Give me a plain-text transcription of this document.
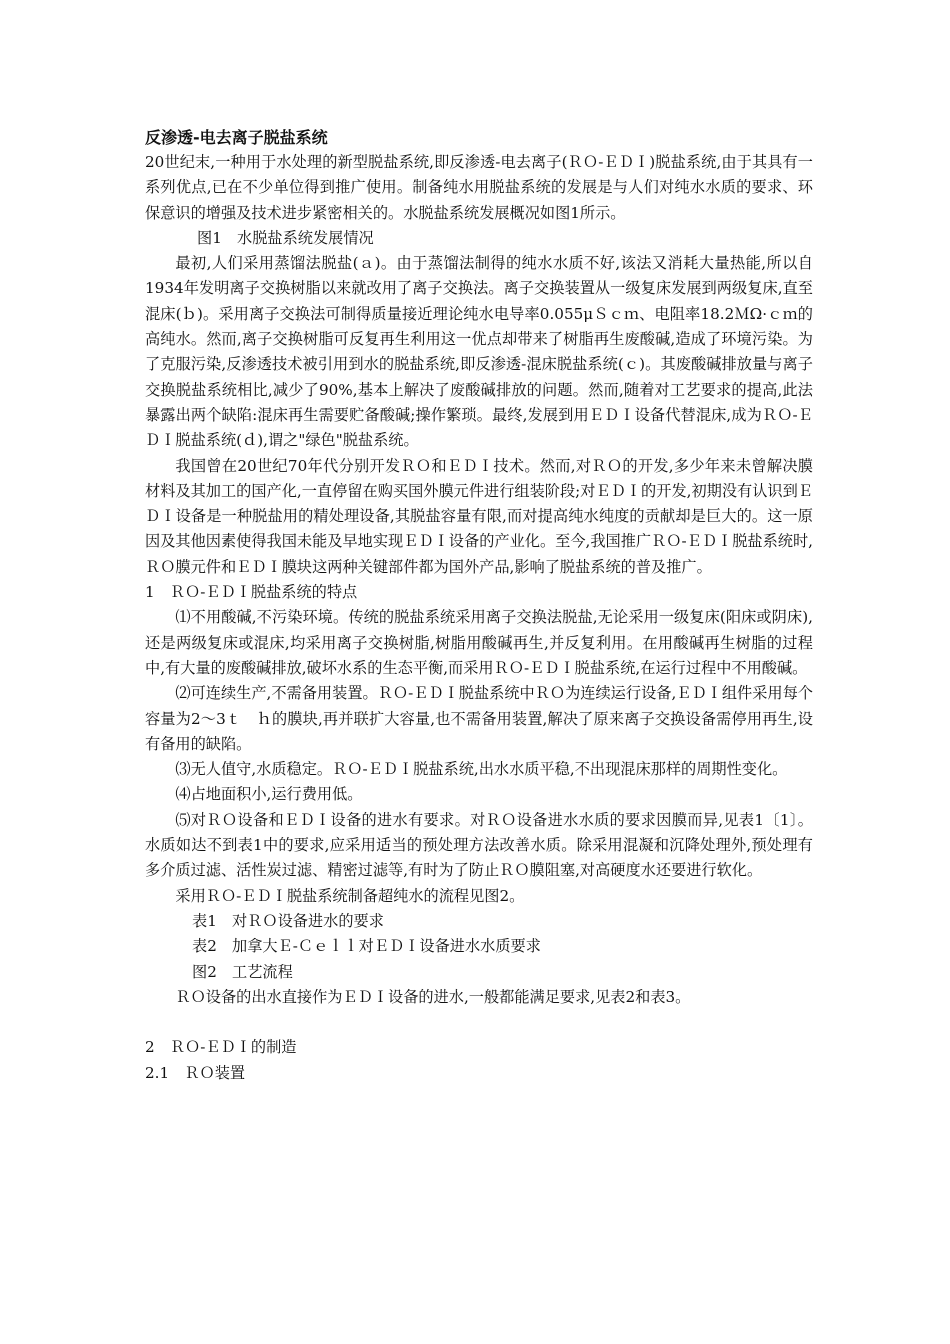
反渗透-电去离子脱盐系统

20世纪末,一种用于水处理的新型脱盐系统,即反渗透-电去离子(ＲＯ-ＥＤＩ)脱盐系统,由于其具有一系列优点,已在不少单位得到推广使用。制备纯水用脱盐系统的发展是与人们对纯水水质的要求、环保意识的增强及技术进步紧密相关的。水脱盐系统发展概况如图1所示。

图1　水脱盐系统发展情况

最初,人们采用蒸馏法脱盐(ａ)。由于蒸馏法制得的纯水水质不好,该法又消耗大量热能,所以自1934年发明离子交换树脂以来就改用了离子交换法。离子交换装置从一级复床发展到两级复床,直至混床(ｂ)。采用离子交换法可制得质量接近理论纯水电导率0.055μＳｃｍ、电阻率18.2ＭΩ·ｃｍ的高纯水。然而,离子交换树脂可反复再生利用这一优点却带来了树脂再生废酸碱,造成了环境污染。为了克服污染,反渗透技术被引用到水的脱盐系统,即反渗透-混床脱盐系统(ｃ)。其废酸碱排放量与离子交换脱盐系统相比,减少了90%,基本上解决了废酸碱排放的问题。然而,随着对工艺要求的提高,此法暴露出两个缺陷:混床再生需要贮备酸碱;操作繁琐。最终,发展到用ＥＤＩ设备代替混床,成为ＲＯ-ＥＤＩ脱盐系统(ｄ),谓之"绿色"脱盐系统。

我国曾在20世纪70年代分别开发ＲＯ和ＥＤＩ技术。然而,对ＲＯ的开发,多少年来未曾解决膜材料及其加工的国产化,一直停留在购买国外膜元件进行组装阶段;对ＥＤＩ的开发,初期没有认识到ＥＤＩ设备是一种脱盐用的精处理设备,其脱盐容量有限,而对提高纯水纯度的贡献却是巨大的。这一原因及其他因素使得我国未能及早地实现ＥＤＩ设备的产业化。至今,我国推广ＲＯ-ＥＤＩ脱盐系统时,ＲＯ膜元件和ＥＤＩ膜块这两种关键部件都为国外产品,影响了脱盐系统的普及推广。

1　ＲＯ-ＥＤＩ脱盐系统的特点

⑴不用酸碱,不污染环境。传统的脱盐系统采用离子交换法脱盐,无论采用一级复床(阳床或阴床),还是两级复床或混床,均采用离子交换树脂,树脂用酸碱再生,并反复利用。在用酸碱再生树脂的过程中,有大量的废酸碱排放,破坏水系的生态平衡,而采用ＲＯ-ＥＤＩ脱盐系统,在运行过程中不用酸碱。

⑵可连续生产,不需备用装置。ＲＯ-ＥＤＩ脱盐系统中ＲＯ为连续运行设备,ＥＤＩ组件采用每个容量为2～3ｔ　ｈ的膜块,再并联扩大容量,也不需备用装置,解决了原来离子交换设备需停用再生,设有备用的缺陷。

⑶无人值守,水质稳定。ＲＯ-ＥＤＩ脱盐系统,出水水质平稳,不出现混床那样的周期性变化。

⑷占地面积小,运行费用低。

⑸对ＲＯ设备和ＥＤＩ设备的进水有要求。对ＲＯ设备进水水质的要求因膜而异,见表1〔1〕。水质如达不到表1中的要求,应采用适当的预处理方法改善水质。除采用混凝和沉降处理外,预处理有多介质过滤、活性炭过滤、精密过滤等,有时为了防止ＲＯ膜阻塞,对高硬度水还要进行软化。

采用ＲＯ-ＥＤＩ脱盐系统制备超纯水的流程见图2。

表1　对ＲＯ设备进水的要求

表2　加拿大Ｅ-Ｃｅｌｌ对ＥＤＩ设备进水水质要求

图2　工艺流程

ＲＯ设备的出水直接作为ＥＤＩ设备的进水,一般都能满足要求,见表2和表3。

2　ＲＯ-ＥＤＩ的制造

2.1　ＲＯ装置
